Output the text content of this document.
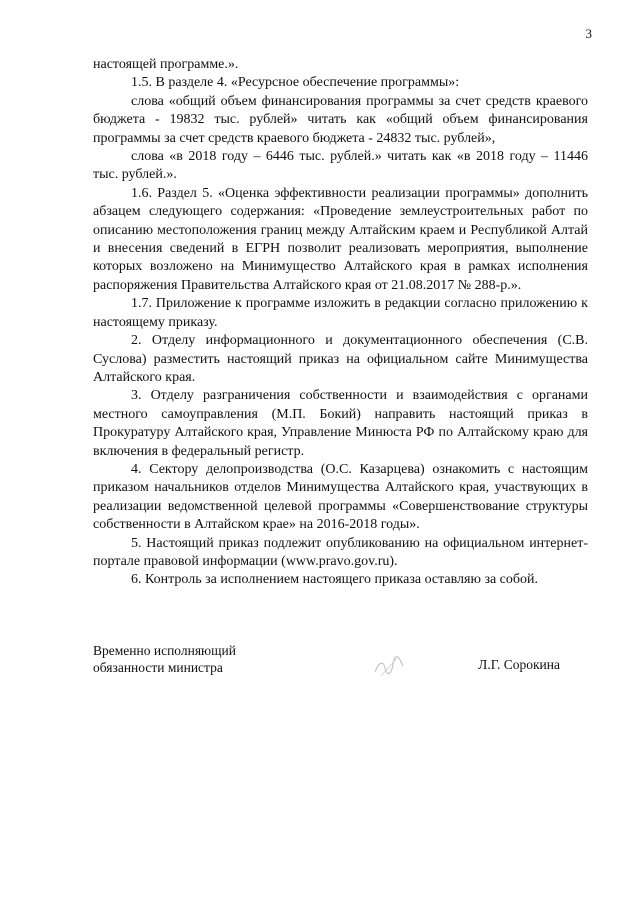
3

настоящей программе.».

1.5. В разделе 4. «Ресурсное обеспечение программы»:

слова «общий объем финансирования программы за счет средств краевого бюджета - 19832 тыс. рублей» читать как «общий объем финансирования программы за счет средств краевого бюджета - 24832 тыс. рублей»,

слова «в 2018 году – 6446 тыс. рублей.» читать как «в 2018 году – 11446 тыс. рублей.».

1.6. Раздел 5. «Оценка эффективности реализации программы» дополнить абзацем следующего содержания: «Проведение землеустроительных работ по описанию местоположения границ между Алтайским краем и Республикой Алтай и внесения сведений в ЕГРН позволит реализовать мероприятия, выполнение которых возложено на Минимущество Алтайского края в рамках исполнения распоряжения Правительства Алтайского края от 21.08.2017 № 288-р.».

1.7. Приложение к программе изложить в редакции согласно приложению к настоящему приказу.

2. Отделу информационного и документационного обеспечения (С.В. Суслова) разместить настоящий приказ на официальном сайте Минимущества Алтайского края.

3. Отделу разграничения собственности и взаимодействия с органами местного самоуправления (М.П. Бокий) направить настоящий приказ в Прокуратуру Алтайского края, Управление Минюста РФ по Алтайскому краю для включения в федеральный регистр.

4. Сектору делопроизводства (О.С. Казарцева) ознакомить с настоящим приказом начальников отделов Минимущества Алтайского края, участвующих в реализации ведомственной целевой программы «Совершенствование структуры собственности в Алтайском крае» на 2016-2018 годы».

5. Настоящий приказ подлежит опубликованию на официальном интернет-портале правовой информации (www.pravo.gov.ru).

6. Контроль за исполнением настоящего приказа оставляю за собой.

Временно исполняющий
обязанности министра	Л.Г. Сорокина
